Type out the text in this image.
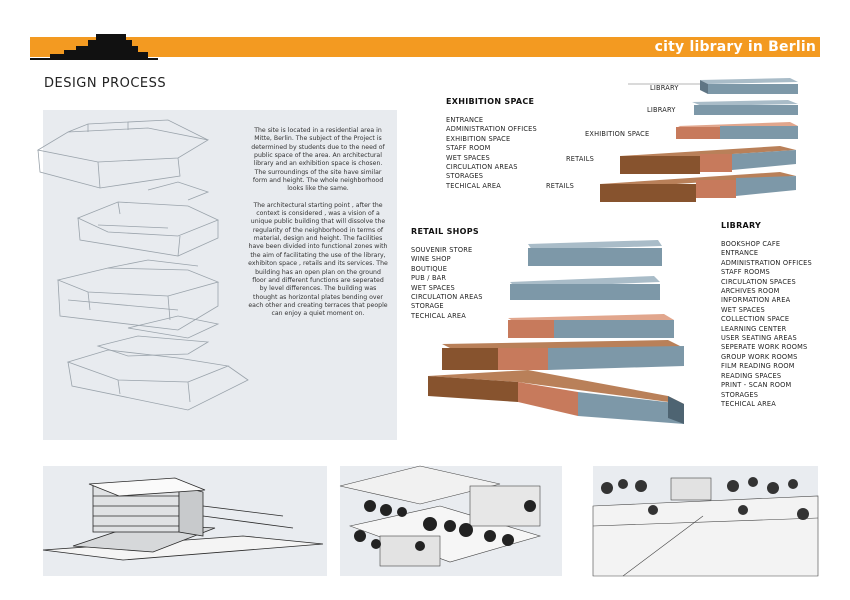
city library in Berlin
DESIGN PROCESS

The site is located in a residential area in Mitte, Berlin. The subject of the Project is determined by students due to the need of public space of the area. An architectural library and an exhibition space is chosen. The surroundings of the site have similar form and height. The whole neighborhood looks like the same.

The architectural starting point , after the context is considered , was a vision of a unique public building that will dissolve the regularity of the neighborhood in terms of material, design and height. The facilities have been divided into functional zones with the aim of facilitating the use of the library, exhibiton space , retails and its services. The building has an open plan on the ground floor and different functions are seperated by level differences. The building was thought as horizontal plates bending over each other and creating terraces that people can enjoy a quiet moment on.

LIBRARY
LIBRARY
EXHIBITION SPACE
RETAILS
RETAILS
EXHIBITION SPACE
ENTRANCE
ADMINISTRATION OFFICES
EXHIBITION SPACE
STAFF ROOM
WET SPACES
CIRCULATION AREAS
STORAGES
TECHICAL AREA
RETAIL SHOPS
SOUVENIR STORE
WINE SHOP
BOUTIQUE
PUB / BAR
WET SPACES
CIRCULATION AREAS
STORAGE
TECHICAL AREA
LIBRARY
BOOKSHOP CAFE
ENTRANCE
ADMINISTRATION OFFICES
STAFF ROOMS
CIRCULATION SPACES
ARCHIVES ROOM
INFORMATION AREA
WET SPACES
COLLECTION SPACE
LEARNING CENTER
USER SEATING AREAS
SEPERATE WORK ROOMS
GROUP WORK ROOMS
FILM READING ROOM
READING SPACES
PRINT - SCAN ROOM
STORAGES
TECHICAL AREA
